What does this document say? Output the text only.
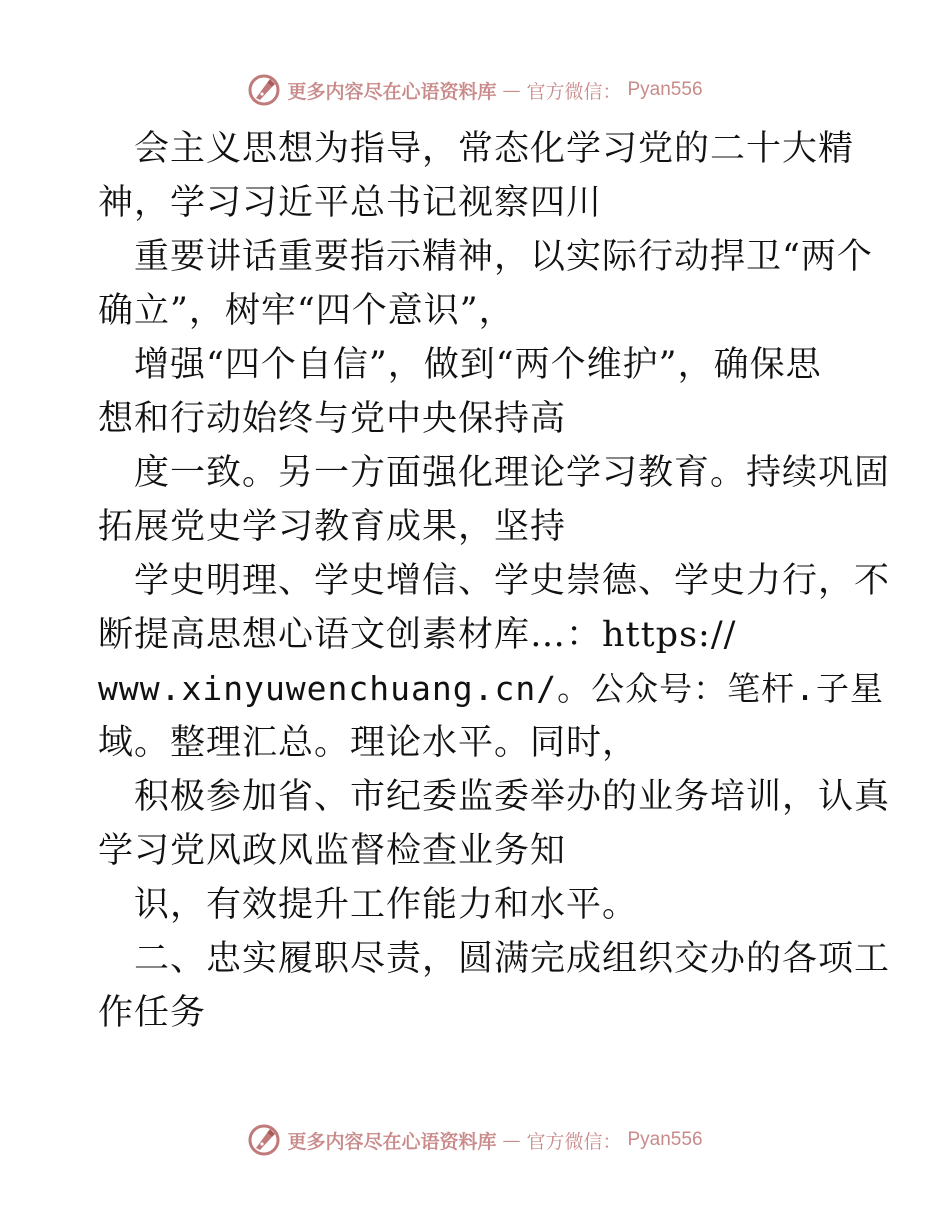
更多内容尽在心语资料库 — 官方微信： Pyan556
会主义思想为指导，常态化学习党的二十大精
神，学习习近平总书记视察四川
重要讲话重要指示精神，以实际行动捍卫“两个
确立”，树牢“四个意识”，
增强“四个自信”，做到“两个维护”，确保思
想和行动始终与党中央保持高
度一致。另一方面强化理论学习教育。持续巩固
拓展党史学习教育成果，坚持
学史明理、学史增信、学史崇德、学史力行，不
断提高思想心语文创素材库…：https://
www.xinyuwenchuang.cn/。公众号：笔杆.子星
域。整理汇总。理论水平。同时，
积极参加省、市纪委监委举办的业务培训，认真
学习党风政风监督检查业务知
识，有效提升工作能力和水平。
二、忠实履职尽责，圆满完成组织交办的各项工
作任务
更多内容尽在心语资料库 — 官方微信： Pyan556
